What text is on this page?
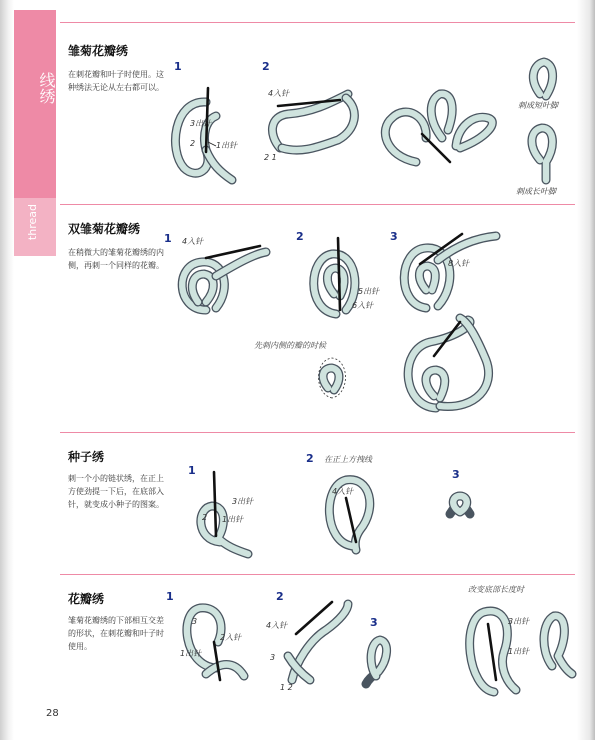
线绣
thread
雏菊花瓣绣
在刺花瓣和叶子时使用。这种绣法无论从左右都可以。
1	2
3出针
2	1出针
4入针
2 1
刺成短叶脚
刺成长叶脚
双雏菊花瓣绣
在稍微大的雏菊花瓣绣的内侧，再刺一个同样的花瓣。
1	2	3
先刺内侧的瓣的时候
4入针
5出针
6入针
8入针
种子绣
刺一个小的链状绣，在正上方使劲提一下后，在底部入针，就变成小种子的图案。
1
2
3
在正上方拽线
3出针
2 1出针
4入针
花瓣绣
雏菊花瓣绣的下部相互交差的形状，在刺花瓣和叶子时使用。
1	2
3
改变底部长度时
3
2入针
1出针
4入针
3
1 2
3出针
1出针
28
